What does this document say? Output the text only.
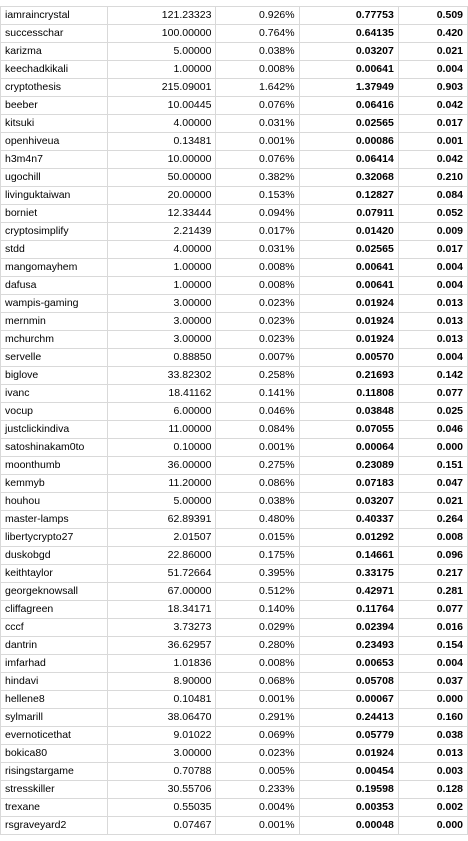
iamraincrystal	121.23323	0.926%	0.77753	0.509
successchar	100.00000	0.764%	0.64135	0.420
karizma	5.00000	0.038%	0.03207	0.021
keechadkikali	1.00000	0.008%	0.00641	0.004
cryptothesis	215.09001	1.642%	1.37949	0.903
beeber	10.00445	0.076%	0.06416	0.042
kitsuki	4.00000	0.031%	0.02565	0.017
openhiveua	0.13481	0.001%	0.00086	0.001
h3m4n7	10.00000	0.076%	0.06414	0.042
ugochill	50.00000	0.382%	0.32068	0.210
livinguktaiwan	20.00000	0.153%	0.12827	0.084
borniet	12.33444	0.094%	0.07911	0.052
cryptosimplify	2.21439	0.017%	0.01420	0.009
stdd	4.00000	0.031%	0.02565	0.017
mangomayhem	1.00000	0.008%	0.00641	0.004
dafusa	1.00000	0.008%	0.00641	0.004
wampis-gaming	3.00000	0.023%	0.01924	0.013
mernmin	3.00000	0.023%	0.01924	0.013
mchurchm	3.00000	0.023%	0.01924	0.013
servelle	0.88850	0.007%	0.00570	0.004
biglove	33.82302	0.258%	0.21693	0.142
ivanc	18.41162	0.141%	0.11808	0.077
vocup	6.00000	0.046%	0.03848	0.025
justclickindiva	11.00000	0.084%	0.07055	0.046
satoshinakam0to	0.10000	0.001%	0.00064	0.000
moonthumb	36.00000	0.275%	0.23089	0.151
kemmyb	11.20000	0.086%	0.07183	0.047
houhou	5.00000	0.038%	0.03207	0.021
master-lamps	62.89391	0.480%	0.40337	0.264
libertycrypto27	2.01507	0.015%	0.01292	0.008
duskobgd	22.86000	0.175%	0.14661	0.096
keithtaylor	51.72664	0.395%	0.33175	0.217
georgeknowsall	67.00000	0.512%	0.42971	0.281
cliffagreen	18.34171	0.140%	0.11764	0.077
cccf	3.73273	0.029%	0.02394	0.016
dantrin	36.62957	0.280%	0.23493	0.154
imfarhad	1.01836	0.008%	0.00653	0.004
hindavi	8.90000	0.068%	0.05708	0.037
hellene8	0.10481	0.001%	0.00067	0.000
sylmarill	38.06470	0.291%	0.24413	0.160
evernoticethat	9.01022	0.069%	0.05779	0.038
bokica80	3.00000	0.023%	0.01924	0.013
risingstargame	0.70788	0.005%	0.00454	0.003
stresskiller	30.55706	0.233%	0.19598	0.128
trexane	0.55035	0.004%	0.00353	0.002
rsgraveyard2	0.07467	0.001%	0.00048	0.000
